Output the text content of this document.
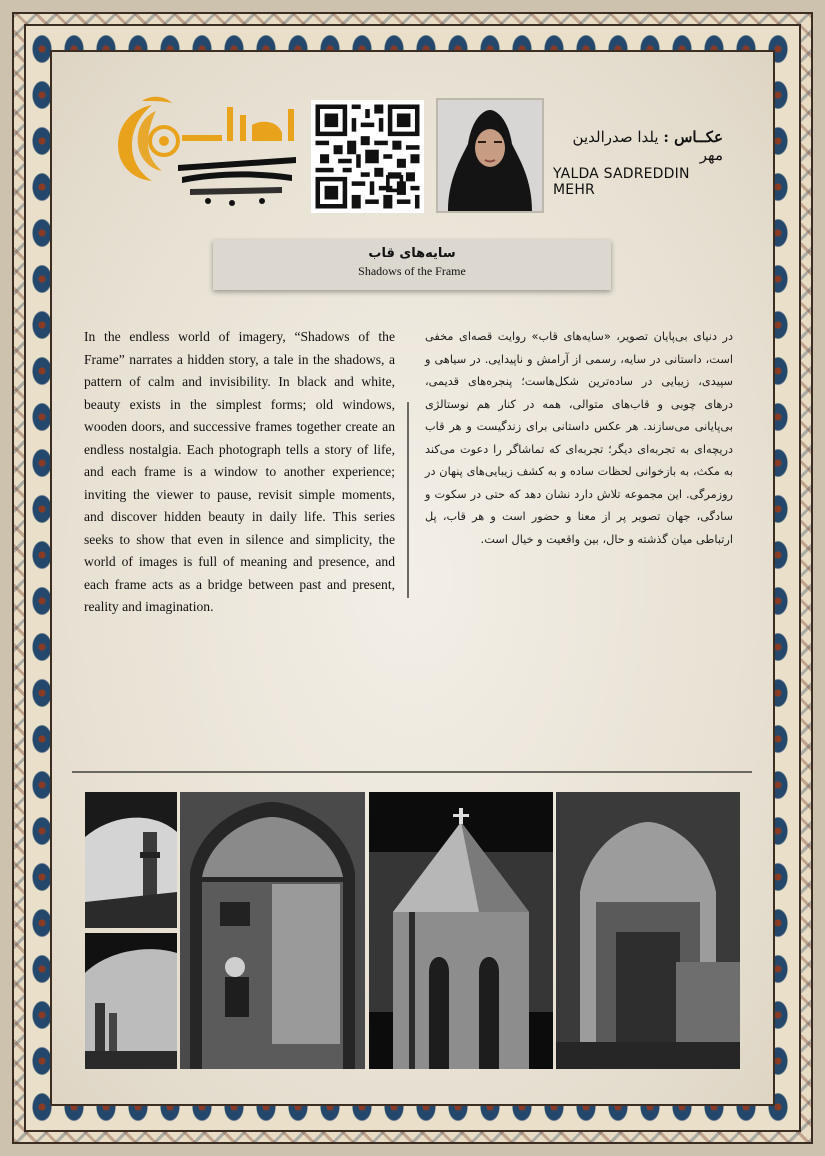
عکــاس : یلدا صدرالدین مهر
YALDA SADREDDIN MEHR
سایه‌های قاب
Shadows of the Frame
In the endless world of imagery, “Shadows of the Frame” narrates a hidden story, a tale in the shadows, a pattern of calm and invisibility. In black and white, beauty exists in the simplest forms; old windows, wooden doors, and successive frames together create an endless nostalgia. Each photograph tells a story of life, and each frame is a window to another experience; inviting the viewer to pause, revisit simple moments, and discover hidden beauty in daily life. This series seeks to show that even in silence and simplicity, the world of images is full of meaning and presence, and each frame acts as a bridge between past and present, reality and imagination.
در دنیای بی‌پایان تصویر، «سایه‌های قاب» روایت قصه‌ای مخفی است، داستانی در سایه، رسمی از آرامش و ناپیدایی. در سیاهی و سپیدی، زیبایی در ساده‌ترین شکل‌هاست؛ پنجره‌های قدیمی، درهای چوبی و قاب‌های متوالی، همه در کنار هم نوستالژی بی‌پایانی می‌سازند. هر عکس داستانی برای زندگیست و هر قاب دریچه‌ای به تجربه‌ای دیگر؛ تجربه‌ای که تماشاگر را دعوت می‌کند به مکث، به بازخوانی لحظات ساده و به کشف زیبایی‌های پنهان در روزمرگی. این مجموعه تلاش دارد نشان دهد که حتی در سکوت و سادگی، جهان تصویر پر از معنا و حضور است و هر قاب، پل ارتباطی میان گذشته و حال، بین واقعیت و خیال است.
